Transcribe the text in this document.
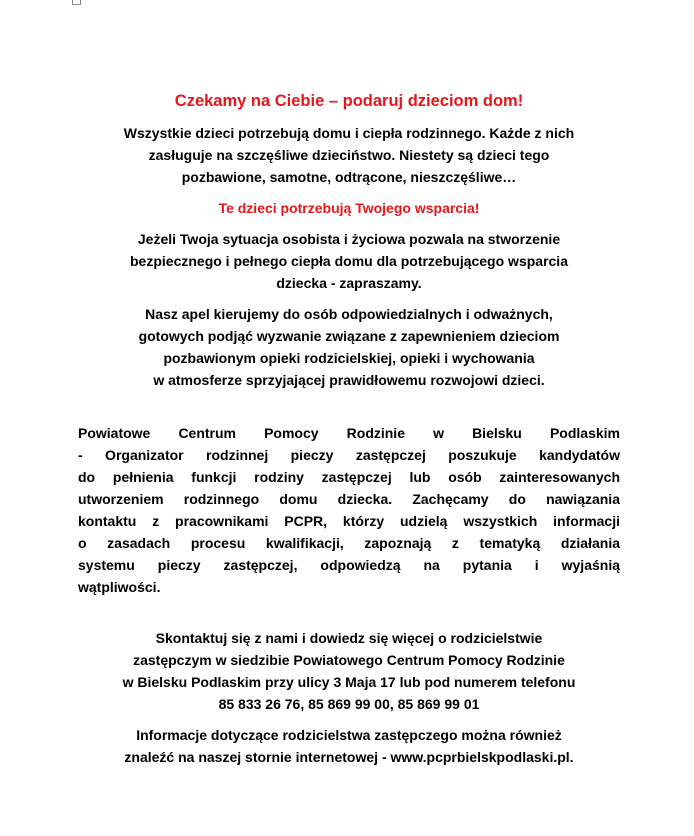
Czekamy na Ciebie – podaruj dzieciom dom!
Wszystkie dzieci potrzebują domu i ciepła rodzinnego. Każde z nich
zasługuje na szczęśliwe dzieciństwo. Niestety są dzieci tego
pozbawione, samotne, odtrącone, nieszczęśliwe…
Te dzieci potrzebują Twojego wsparcia!
Jeżeli Twoja sytuacja osobista i życiowa pozwala na stworzenie
bezpiecznego i pełnego ciepła domu dla potrzebującego wsparcia
dziecka - zapraszamy.
Nasz apel kierujemy do osób odpowiedzialnych i odważnych,
gotowych podjąć wyzwanie związane z zapewnieniem dzieciom
pozbawionym opieki rodzicielskiej, opieki i wychowania
w atmosferze sprzyjającej prawidłowemu rozwojowi dzieci.
Powiatowe Centrum Pomocy Rodzinie w Bielsku Podlaskim
- Organizator rodzinnej pieczy zastępczej poszukuje kandydatów
do pełnienia funkcji rodziny zastępczej lub osób zainteresowanych
utworzeniem rodzinnego domu dziecka. Zachęcamy do nawiązania
kontaktu z pracownikami PCPR, którzy udzielą wszystkich informacji
o zasadach procesu kwalifikacji, zapoznają z tematyką działania
systemu pieczy zastępczej, odpowiedzą na pytania i wyjaśnią
wątpliwości.
Skontaktuj się z nami i dowiedz się więcej o rodzicielstwie
zastępczym w siedzibie Powiatowego Centrum Pomocy Rodzinie
w Bielsku Podlaskim przy ulicy 3 Maja 17 lub pod numerem telefonu
85 833 26 76, 85 869 99 00, 85 869 99 01
Informacje dotyczące rodzicielstwa zastępczego można również
znaleźć na naszej stornie internetowej - www.pcprbielskpodlaski.pl.
